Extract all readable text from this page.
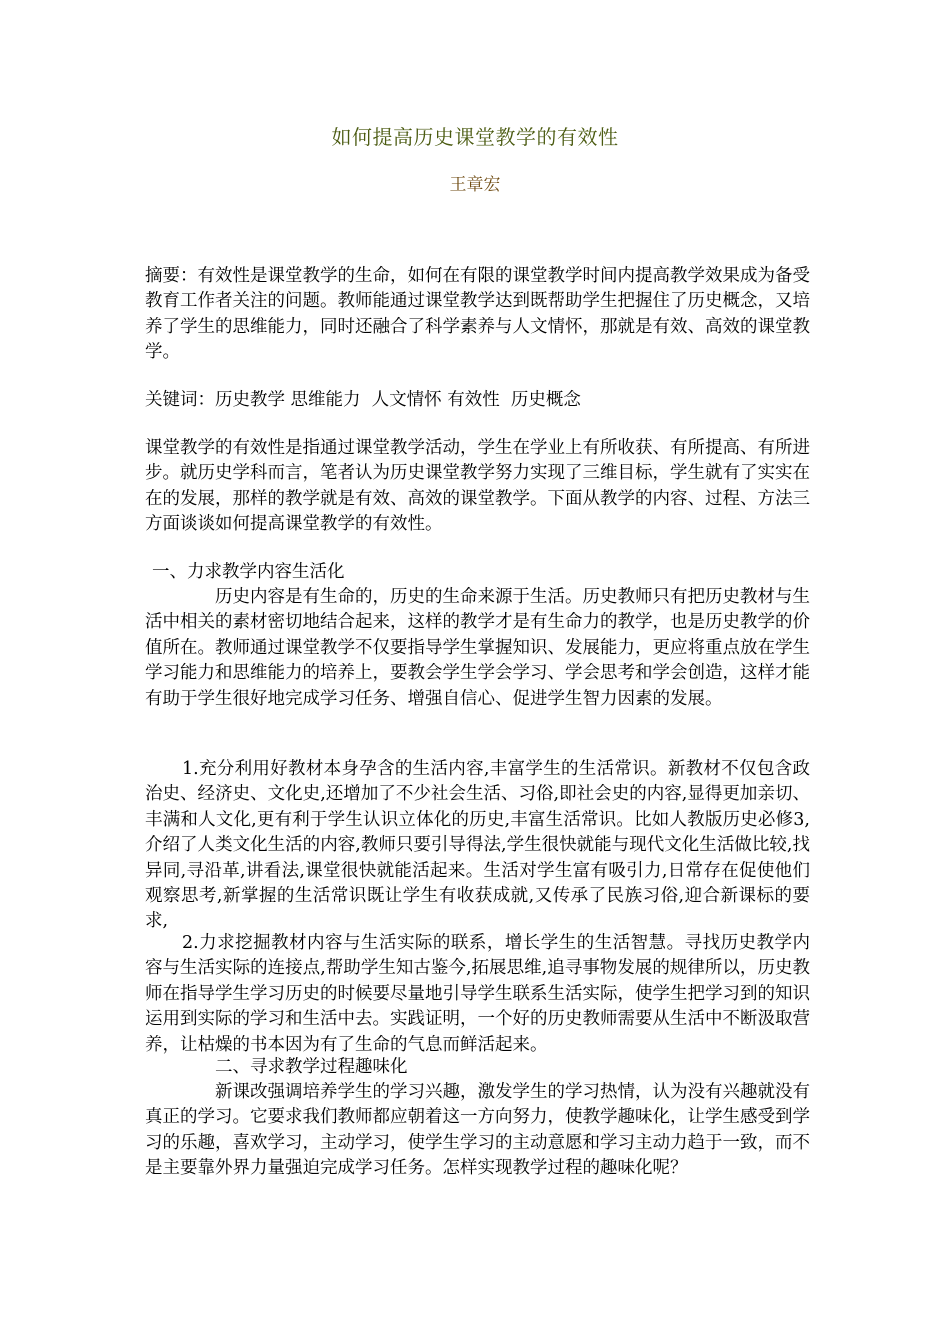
如何提高历史课堂教学的有效性
王章宏
摘要：有效性是课堂教学的生命，如何在有限的课堂教学时间内提高教学效果成为备受教育工作者关注的问题。教师能通过课堂教学达到既帮助学生把握住了历史概念，又培养了学生的思维能力，同时还融合了科学素养与人文情怀，那就是有效、高效的课堂教学。
关键词：历史教学 思维能力  人文情怀 有效性  历史概念
课堂教学的有效性是指通过课堂教学活动，学生在学业上有所收获、有所提高、有所进步。就历史学科而言，笔者认为历史课堂教学努力实现了三维目标，学生就有了实实在在的发展，那样的教学就是有效、高效的课堂教学。下面从教学的内容、过程、方法三方面谈谈如何提高课堂教学的有效性。
一、力求教学内容生活化
历史内容是有生命的，历史的生命来源于生活。历史教师只有把历史教材与生活中相关的素材密切地结合起来，这样的教学才是有生命力的教学，也是历史教学的价值所在。教师通过课堂教学不仅要指导学生掌握知识、发展能力，更应将重点放在学生学习能力和思维能力的培养上，要教会学生学会学习、学会思考和学会创造，这样才能有助于学生很好地完成学习任务、增强自信心、促进学生智力因素的发展。
1.充分利用好教材本身孕含的生活内容,丰富学生的生活常识。新教材不仅包含政治史、经济史、文化史,还增加了不少社会生活、习俗,即社会史的内容,显得更加亲切、丰满和人文化,更有利于学生认识立体化的历史,丰富生活常识。比如人教版历史必修3,介绍了人类文化生活的内容,教师只要引导得法,学生很快就能与现代文化生活做比较,找异同,寻沿革,讲看法,课堂很快就能活起来。生活对学生富有吸引力,日常存在促使他们观察思考,新掌握的生活常识既让学生有收获成就,又传承了民族习俗,迎合新课标的要求,
2.力求挖掘教材内容与生活实际的联系，增长学生的生活智慧。寻找历史教学内容与生活实际的连接点,帮助学生知古鉴今,拓展思维,追寻事物发展的规律所以，历史教师在指导学生学习历史的时候要尽量地引导学生联系生活实际，使学生把学习到的知识运用到实际的学习和生活中去。实践证明，一个好的历史教师需要从生活中不断汲取营养，让枯燥的书本因为有了生命的气息而鲜活起来。
二、寻求教学过程趣味化
新课改强调培养学生的学习兴趣，激发学生的学习热情，认为没有兴趣就没有真正的学习。它要求我们教师都应朝着这一方向努力，使教学趣味化，让学生感受到学习的乐趣，喜欢学习，主动学习，使学生学习的主动意愿和学习主动力趋于一致，而不是主要靠外界力量强迫完成学习任务。怎样实现教学过程的趣味化呢？
